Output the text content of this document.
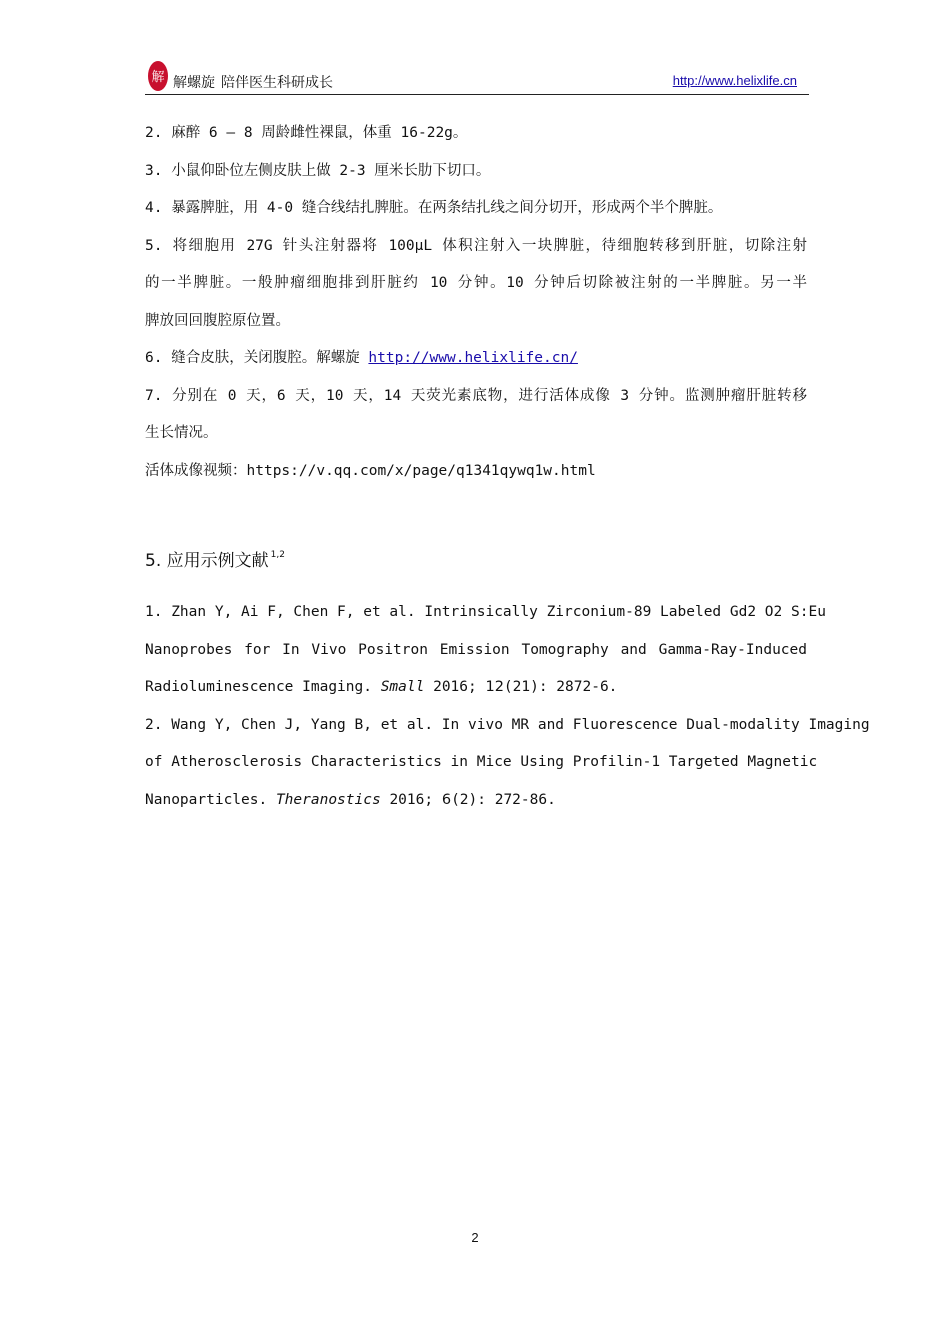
解 解螺旋 陪伴医生科研成长	http://www.helixlife.cn
2. 麻醉 6 – 8 周龄雌性裸鼠，体重 16-22g。
3. 小鼠仰卧位左侧皮肤上做 2-3 厘米长肋下切口。
4. 暴露脾脏，用 4-0 缝合线结扎脾脏。在两条结扎线之间分切开，形成两个半个脾脏。
5. 将细胞用 27G 针头注射器将 100μL 体积注射入一块脾脏，待细胞转移到肝脏，切除注射
的一半脾脏。一般肿瘤细胞排到肝脏约 10 分钟。10 分钟后切除被注射的一半脾脏。另一半
脾放回回腹腔原位置。
6. 缝合皮肤，关闭腹腔。解螺旋 http://www.helixlife.cn/
7. 分别在 0 天，6 天，10 天，14 天荧光素底物，进行活体成像 3 分钟。监测肿瘤肝脏转移
生长情况。
活体成像视频：https://v.qq.com/x/page/q1341qywq1w.html
5. 应用示例文献 $^{1,2}$
1. Zhan Y, Ai F, Chen F, et al. Intrinsically Zirconium-89 Labeled Gd2 O2 S:Eu
Nanoprobes for In Vivo Positron Emission Tomography and Gamma-Ray-Induced
Radioluminescence Imaging. Small 2016; 12(21): 2872-6.
2. Wang Y, Chen J, Yang B, et al. In vivo MR and Fluorescence Dual-modality Imaging
of Atherosclerosis Characteristics in Mice Using Profilin-1 Targeted Magnetic
Nanoparticles. Theranostics 2016; 6(2): 272-86.
2
